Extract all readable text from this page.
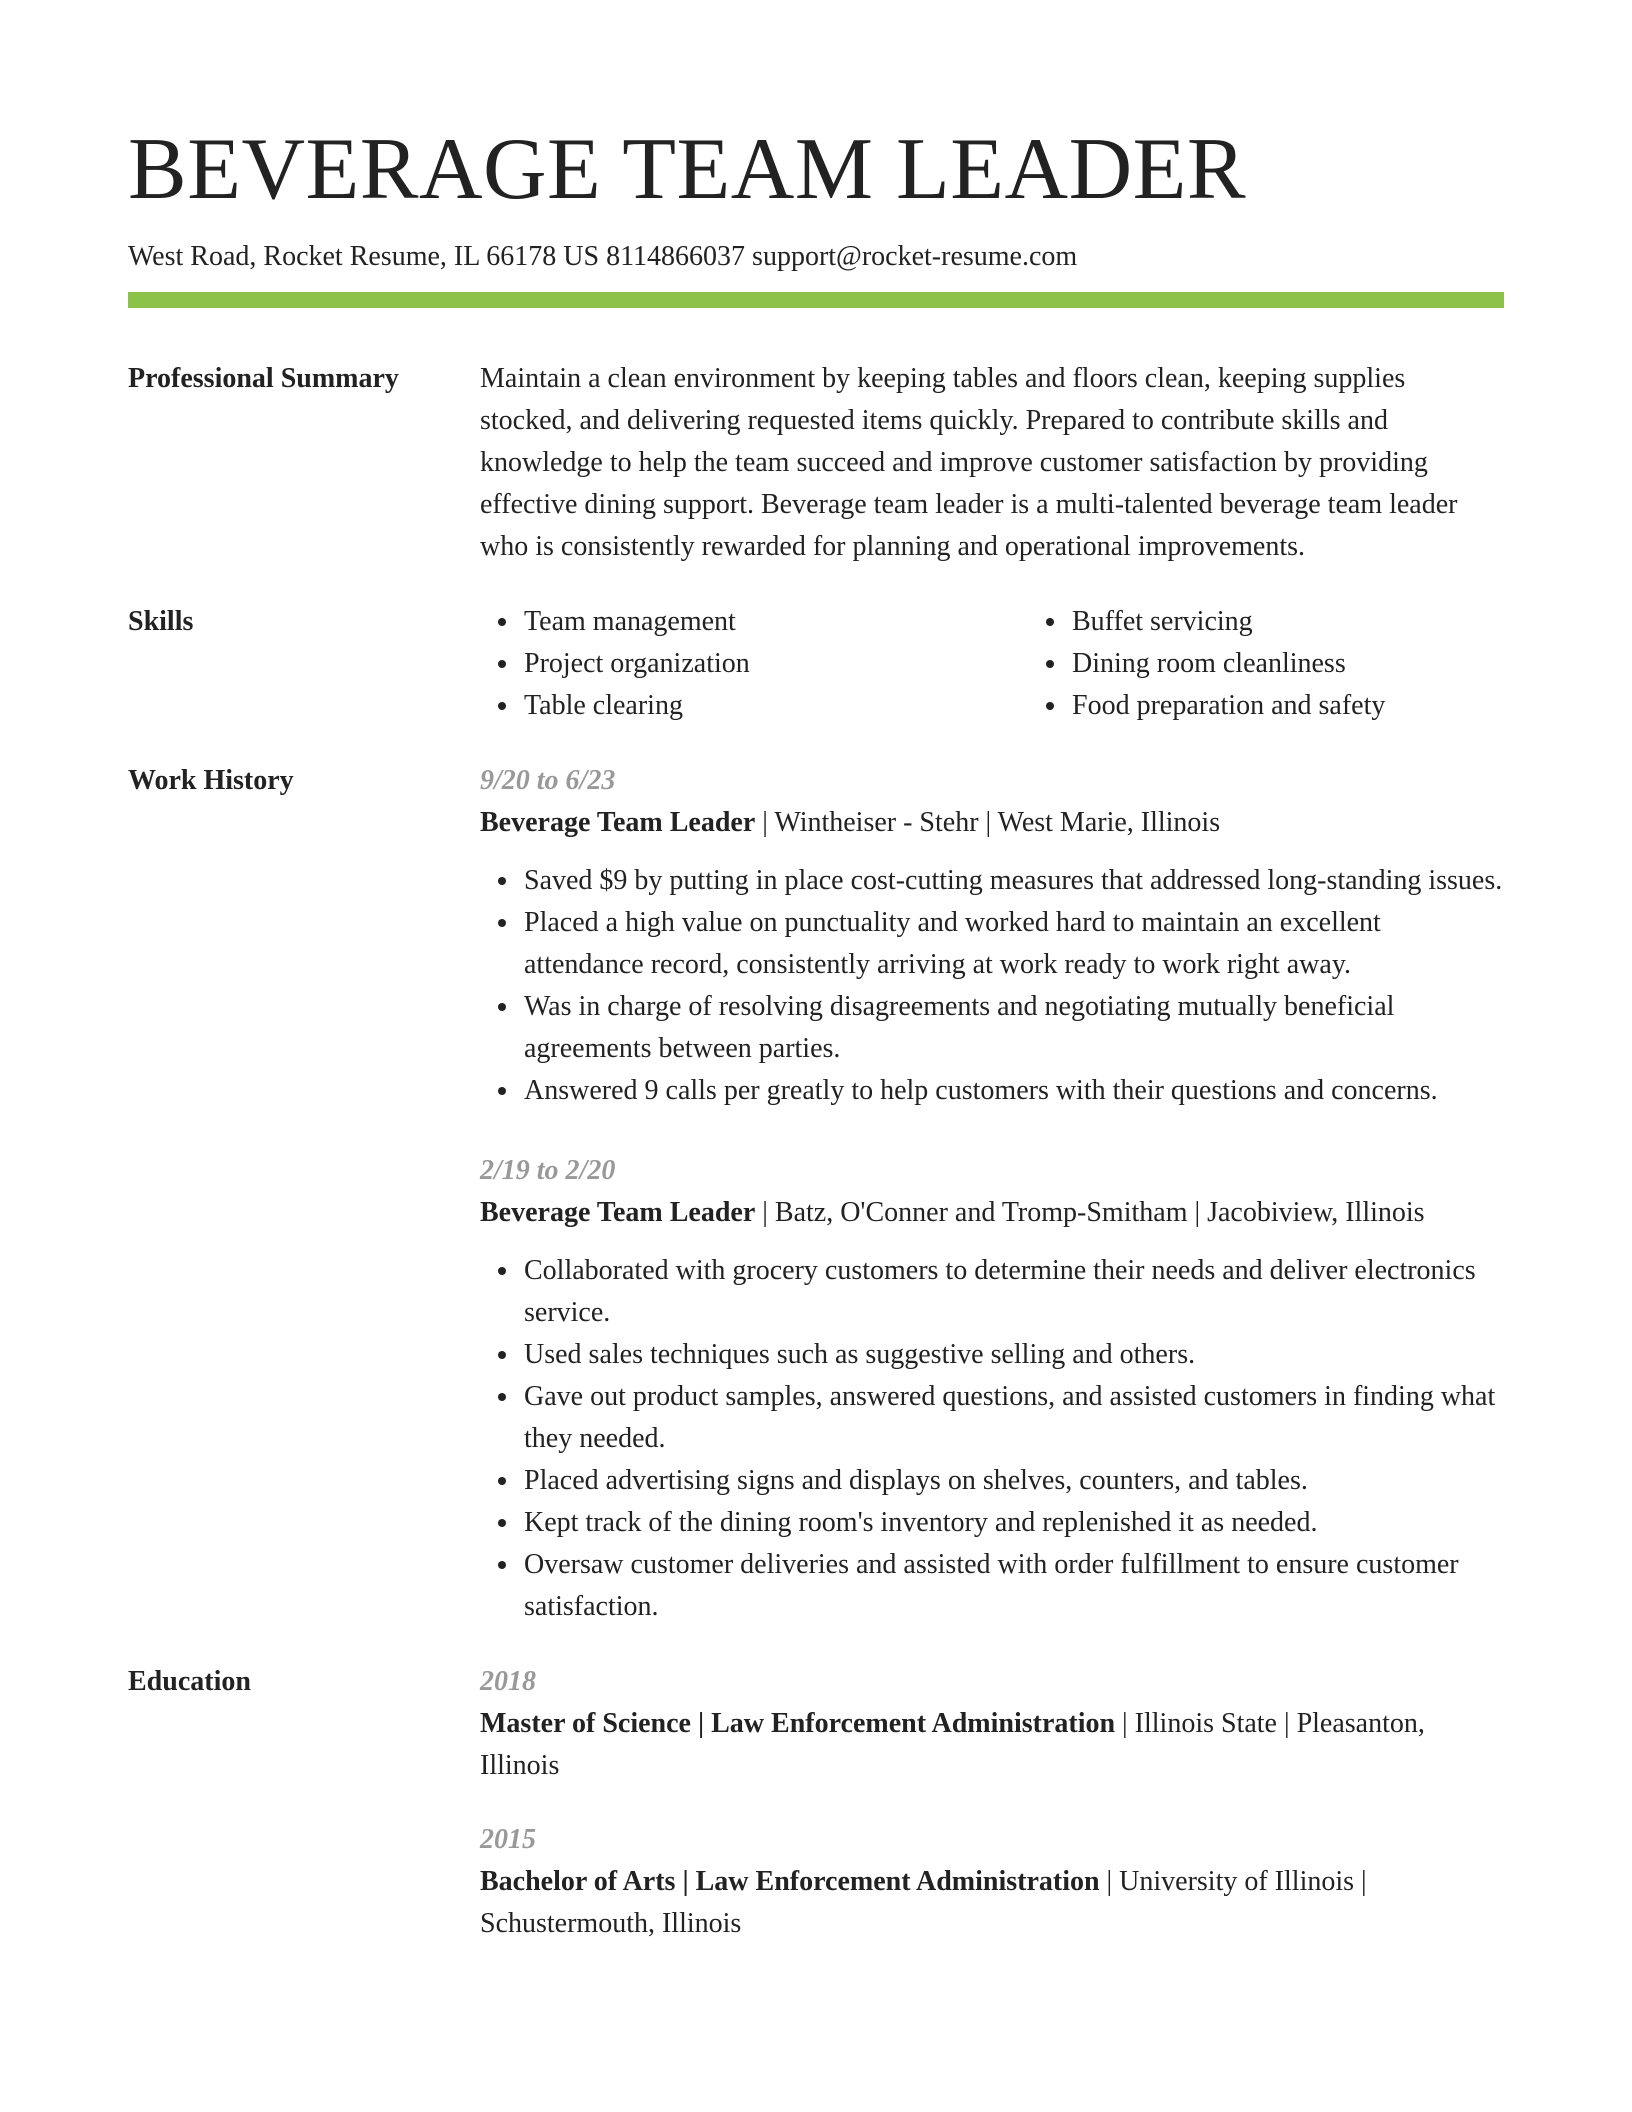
BEVERAGE TEAM LEADER
West Road, Rocket Resume, IL 66178 US 8114866037 support@rocket-resume.com
Professional Summary	Maintain a clean environment by keeping tables and floors clean, keeping supplies stocked, and delivering requested items quickly. Prepared to contribute skills and knowledge to help the team succeed and improve customer satisfaction by providing effective dining support. Beverage team leader is a multi-talented beverage team leader who is consistently rewarded for planning and operational improvements.

Skills	Team management
Project organization
Table clearing
Buffet servicing
Dining room cleanliness
Food preparation and safety
Work History	9/20 to 6/23
Beverage Team Leader | Wintheiser - Stehr | West Marie, Illinois
Saved $9 by putting in place cost-cutting measures that addressed long-standing issues.
Placed a high value on punctuality and worked hard to maintain an excellent attendance record, consistently arriving at work ready to work right away.
Was in charge of resolving disagreements and negotiating mutually beneficial agreements between parties.
Answered 9 calls per greatly to help customers with their questions and concerns.
2/19 to 2/20
Beverage Team Leader | Batz, O'Conner and Tromp-Smitham | Jacobiview, Illinois
Collaborated with grocery customers to determine their needs and deliver electronics service.
Used sales techniques such as suggestive selling and others.
Gave out product samples, answered questions, and assisted customers in finding what they needed.
Placed advertising signs and displays on shelves, counters, and tables.
Kept track of the dining room's inventory and replenished it as needed.
Oversaw customer deliveries and assisted with order fulfillment to ensure customer satisfaction.
Education	2018
Master of Science | Law Enforcement Administration | Illinois State | Pleasanton, Illinois
2015
Bachelor of Arts | Law Enforcement Administration | University of Illinois | Schustermouth, Illinois
